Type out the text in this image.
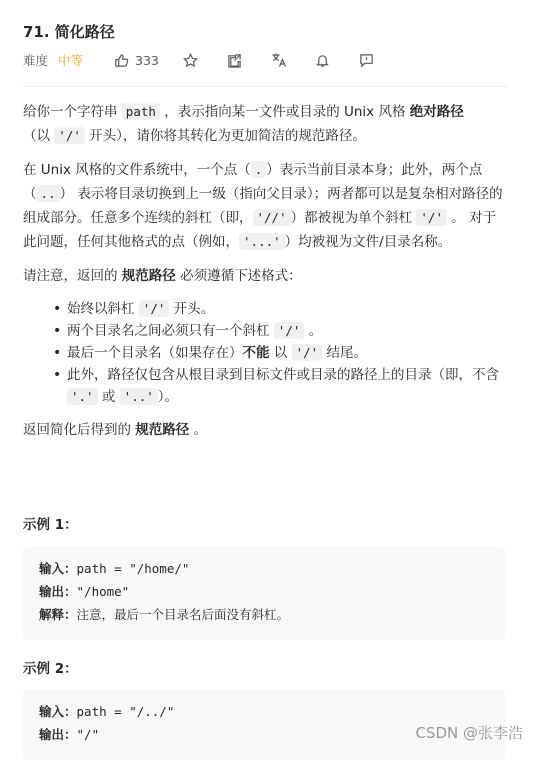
71. 简化路径
难度 中等	333

给你一个字符串 path ，表示指向某一文件或目录的 Unix 风格 绝对路径
（以 '/' 开头），请你将其转化为更加简洁的规范路径。

在 Unix 风格的文件系统中，一个点（ . ）表示当前目录本身；此外，两个点 （ .. ） 表示将目录切换到上一级（指向父目录）；两者都可以是复杂相对路径的组成部分。任意多个连续的斜杠（即， '//' ）都被视为单个斜杠 '/' 。 对于此问题，任何其他格式的点（例如， '...' ）均被视为文件/目录名称。

请注意，返回的 规范路径 必须遵循下述格式：

• 始终以斜杠 '/' 开头。
• 两个目录名之间必须只有一个斜杠 '/' 。
• 最后一个目录名（如果存在）不能 以 '/' 结尾。
• 此外，路径仅包含从根目录到目标文件或目录的路径上的目录（即，不含 '.' 或 '..' ）。

返回简化后得到的 规范路径 。

示例 1：
输入：path = "/home/"
输出："/home"
解释：注意，最后一个目录名后面没有斜杠。
示例 2：
输入：path = "/../"
输出："/"	CSDN @张李浩
